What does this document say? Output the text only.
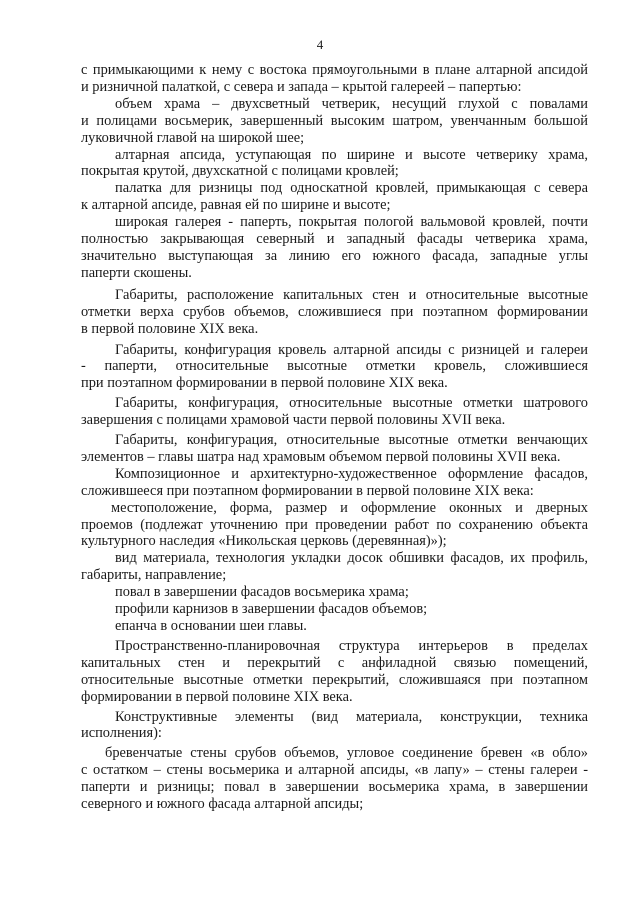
4
с примыкающими к нему с востока прямоугольными в плане алтарной апсидой
и ризничной палаткой, с севера и запада – крытой галереей – папертью:
объем храма – двухсветный четверик, несущий глухой с повалами
и полицами восьмерик, завершенный высоким шатром, увенчанным большой
луковичной главой на широкой шее;
алтарная апсида, уступающая по ширине и высоте четверику храма,
покрытая крутой, двухскатной с полицами кровлей;
палатка для ризницы под односкатной кровлей, примыкающая с севера
к алтарной апсиде, равная ей по ширине и высоте;
широкая галерея - паперть, покрытая пологой вальмовой кровлей, почти
полностью закрывающая северный и западный фасады четверика храма,
значительно выступающая за линию его южного фасада, западные углы
паперти скошены.
Габариты, расположение капитальных стен и относительные высотные
отметки верха срубов объемов, сложившиеся при поэтапном формировании
в первой половине XIX века.
Габариты, конфигурация кровель алтарной апсиды с ризницей и галереи
- паперти, относительные высотные отметки кровель, сложившиеся
при поэтапном формировании в первой половине XIX века.
Габариты, конфигурация, относительные высотные отметки шатрового
завершения с полицами храмовой части первой половины XVII века.
Габариты, конфигурация, относительные высотные отметки венчающих
элементов – главы шатра над храмовым объемом первой половины XVII века.
Композиционное и архитектурно-художественное оформление фасадов,
сложившееся при поэтапном формировании в первой половине XIX века:
местоположение, форма, размер и оформление оконных и дверных
проемов (подлежат уточнению при проведении работ по сохранению объекта
культурного наследия «Никольская церковь (деревянная)»);
вид материала, технология укладки досок обшивки фасадов, их профиль,
габариты, направление;
повал в завершении фасадов восьмерика храма;
профили карнизов в завершении фасадов объемов;
епанча в основании шеи главы.
Пространственно-планировочная структура интерьеров в пределах
капитальных стен и перекрытий с анфиладной связью помещений,
относительные высотные отметки перекрытий, сложившаяся при поэтапном
формировании в первой половине XIX века.
Конструктивные элементы (вид материала, конструкции, техника
исполнения):
бревенчатые стены срубов объемов, угловое соединение бревен «в обло»
с остатком – стены восьмерика и алтарной апсиды, «в лапу» – стены галереи -
паперти и ризницы; повал в завершении восьмерика храма, в завершении
северного и южного фасада алтарной апсиды;
